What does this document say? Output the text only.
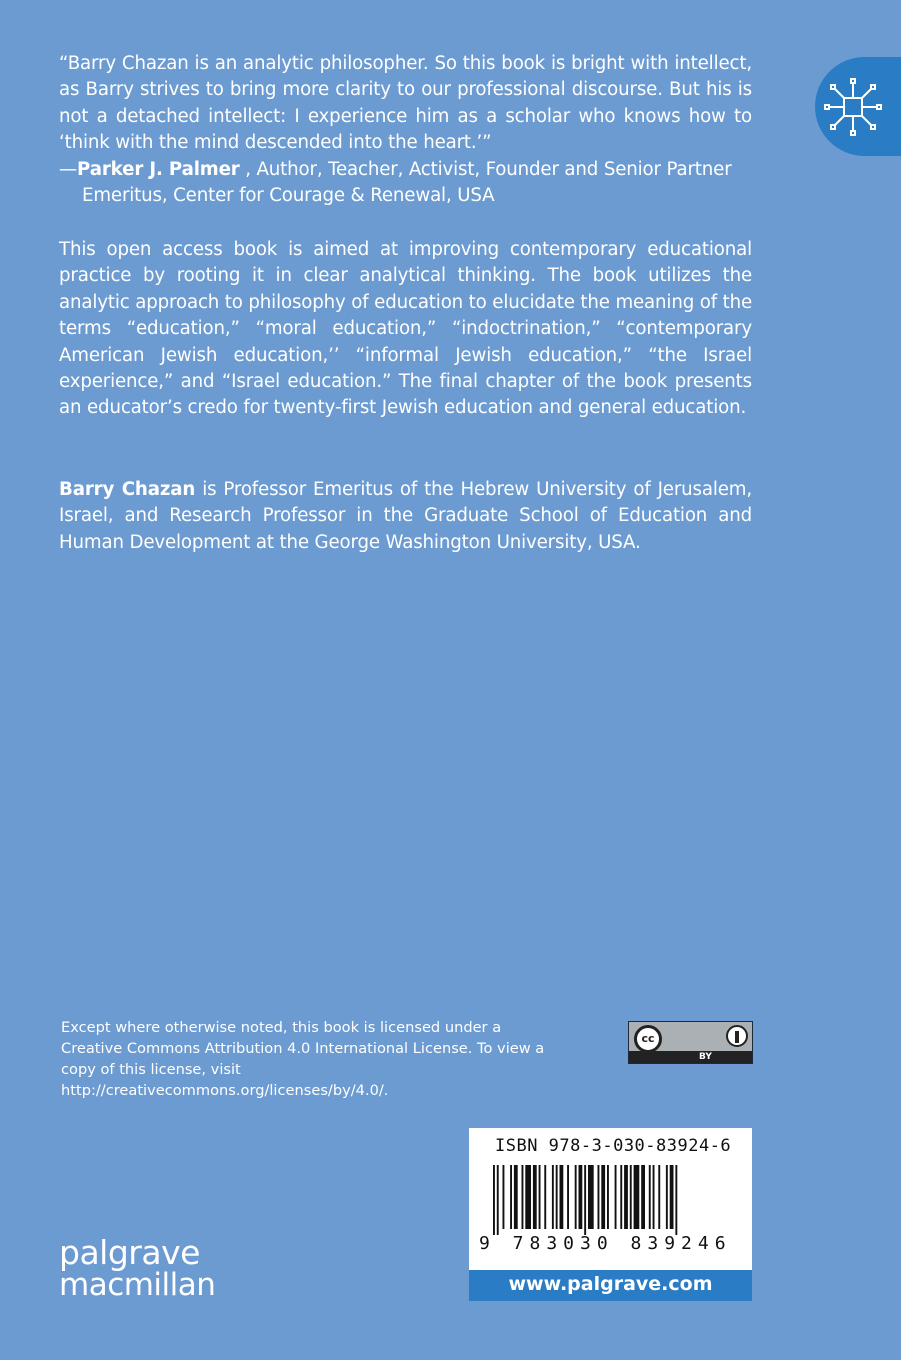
“Barry Chazan is an analytic philosopher. So this book is bright with intellect, as Barry strives to bring more clarity to our professional discourse. But his is not a detached intellect: I experience him as a scholar who knows how to ‘think with the mind descended into the heart.’”
—Parker J. Palmer , Author, Teacher, Activist, Founder and Senior Partner Emeritus, Center for Courage & Renewal, USA
This open access book is aimed at improving contemporary educational practice by rooting it in clear analytical thinking. The book utilizes the analytic approach to philosophy of education to elucidate the meaning of the terms “education,” “moral education,” “indoctrination,” “contemporary American Jewish education,’’ “informal Jewish education,” “the Israel experience,” and “Israel education.” The final chapter of the book presents an educator’s credo for twenty-first Jewish education and general education.
Barry Chazan is Professor Emeritus of the Hebrew University of Jerusalem, Israel, and Research Professor in the Graduate School of Education and Human Development at the George Washington University, USA.
Except where otherwise noted, this book is licensed under a Creative Commons Attribution 4.0 International License. To view a copy of this license, visit http://creativecommons.org/licenses/by/4.0/.
cc
BY
ISBN 978-3-030-83924-6
9 783030 839246
www.palgrave.com
palgrave
macmillan
